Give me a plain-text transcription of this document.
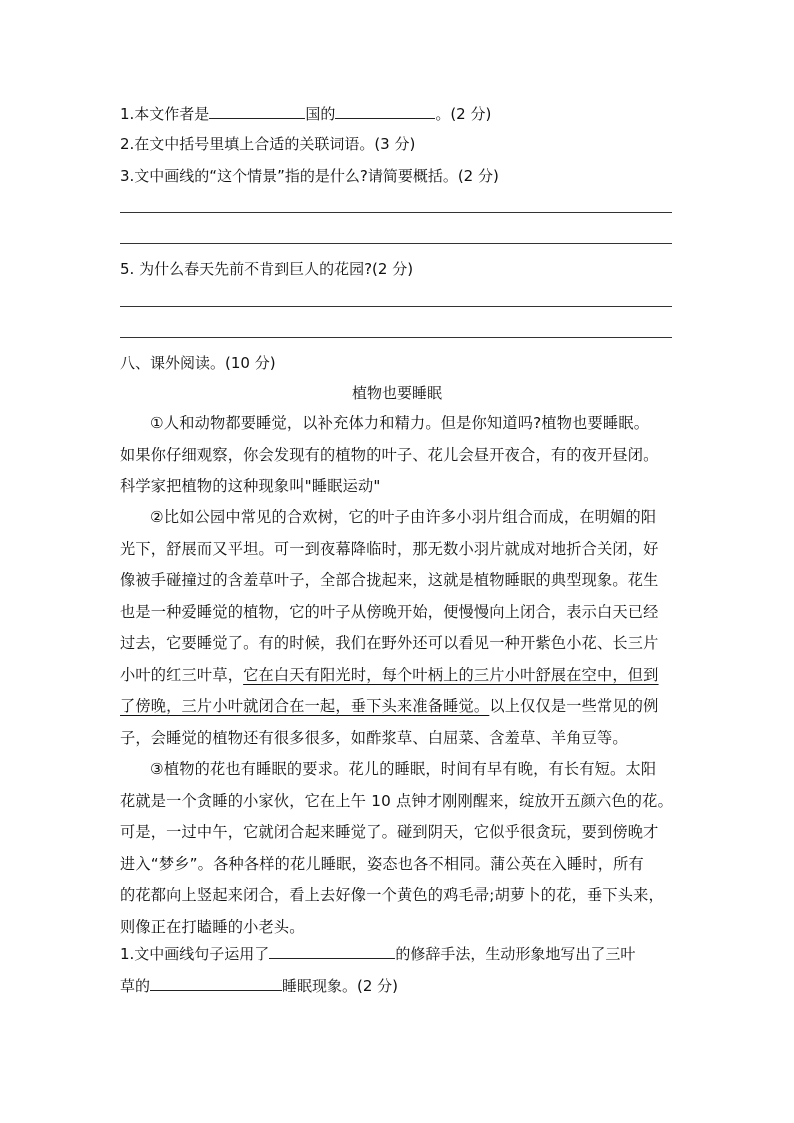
1.本文作者是	国的	。(2 分)
2.在文中括号里填上合适的关联词语。(3 分)
3.文中画线的“这个情景”指的是什么?请简要概括。(2 分)
5. 为什么春天先前不肯到巨人的花园?(2 分)
八、课外阅读。(10 分)
植物也要睡眠
①人和动物都要睡觉，以补充体力和精力。但是你知道吗?植物也要睡眠。
如果你仔细观察，你会发现有的植物的叶子、花儿会昼开夜合，有的夜开昼闭。
科学家把植物的这种现象叫"睡眠运动"
②比如公园中常见的合欢树，它的叶子由许多小羽片组合而成，在明媚的阳
光下，舒展而又平坦。可一到夜幕降临时，那无数小羽片就成对地折合关闭，好
像被手碰撞过的含羞草叶子，全部合拢起来，这就是植物睡眠的典型现象。花生
也是一种爱睡觉的植物，它的叶子从傍晚开始，便慢慢向上闭合，表示白天已经
过去，它要睡觉了。有的时候，我们在野外还可以看见一种开紫色小花、长三片
小叶的红三叶草，它在白天有阳光时，每个叶柄上的三片小叶舒展在空中，但到
了傍晚，三片小叶就闭合在一起，垂下头来准备睡觉。以上仅仅是一些常见的例
子，会睡觉的植物还有很多很多，如酢浆草、白屈菜、含羞草、羊角豆等。
③植物的花也有睡眠的要求。花儿的睡眠，时间有早有晚，有长有短。太阳
花就是一个贪睡的小家伙，它在上午 10 点钟才刚刚醒来，绽放开五颜六色的花。
可是，一过中午，它就闭合起来睡觉了。碰到阴天，它似乎很贪玩，要到傍晚才
进入“梦乡”。各种各样的花儿睡眠，姿态也各不相同。蒲公英在入睡时，所有
的花都向上竖起来闭合，看上去好像一个黄色的鸡毛帚;胡萝卜的花，垂下头来，
则像正在打瞌睡的小老头。
1.文中画线句子运用了	的修辞手法，生动形象地写出了三叶
草的	睡眠现象。(2 分)
